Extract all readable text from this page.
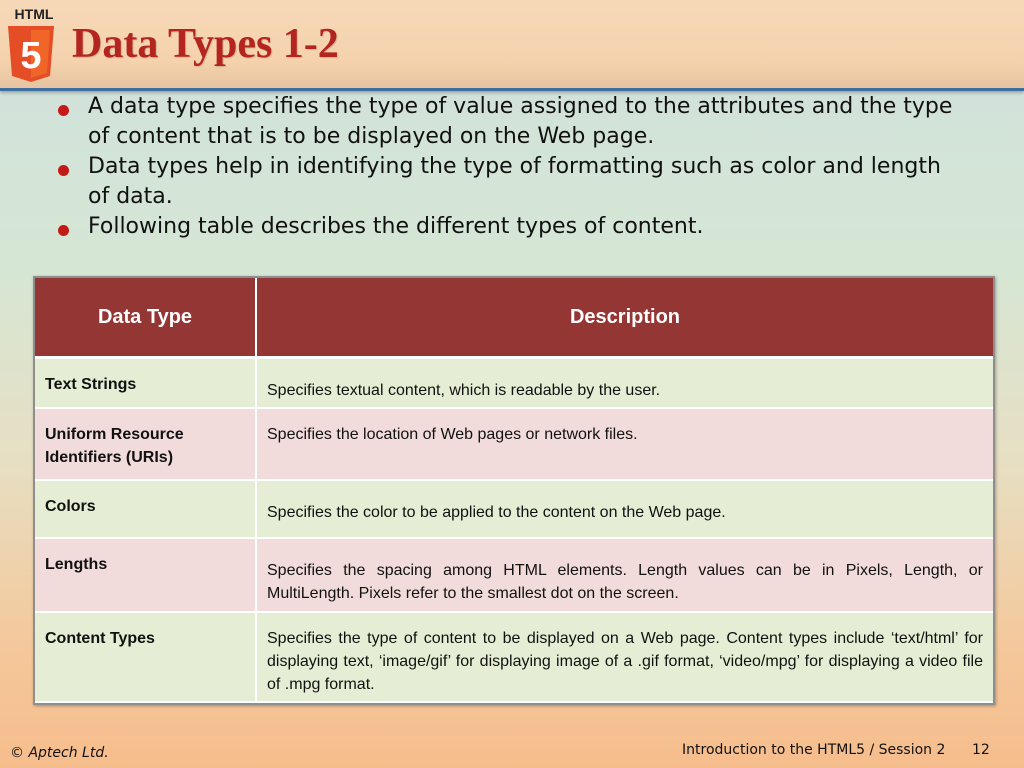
HTML
5 Data Types 1-2
A data type specifies the type of value assigned to the attributes and the type of content that is to be displayed on the Web page.
Data types help in identifying the type of formatting such as color and length of data.
Following table describes the different types of content.
Data Type	Description
Text Strings	Specifies textual content, which is readable by the user.
Uniform Resource Identifiers (URIs)	Specifies the location of Web pages or network files.
Colors	Specifies the color to be applied to the content on the Web page.
Lengths	Specifies the spacing among HTML elements. Length values can be in Pixels, Length, or MultiLength. Pixels refer to the smallest dot on the screen.
Content Types	Specifies the type of content to be displayed on a Web page. Content types include ‘text/html’ for displaying text, ‘image/gif’ for displaying image of a .gif format, ‘video/mpg’ for displaying a video file of .mpg format.
© Aptech Ltd.	Introduction to the HTML5 / Session 2 12
